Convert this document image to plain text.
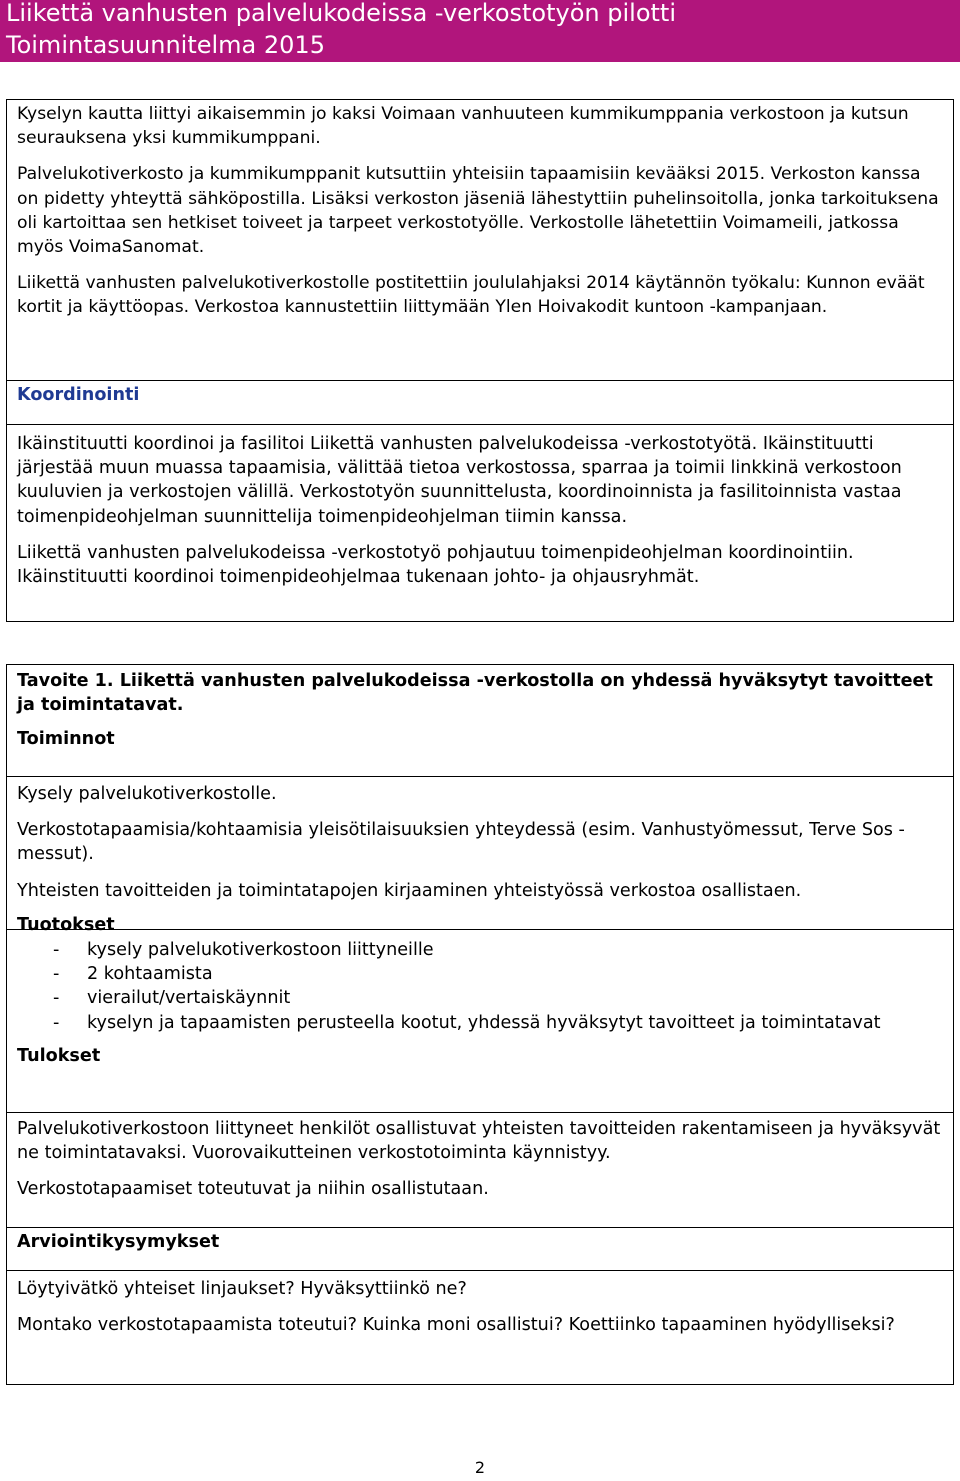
Liikettä vanhusten palvelukodeissa -verkostotyön pilotti
Toimintasuunnitelma 2015

Kyselyn kautta liittyi aikaisemmin jo kaksi Voimaan vanhuuteen kummikumppania verkostoon ja kutsun seurauksena yksi kummikumppani.

Palvelukotiverkosto ja kummikumppanit kutsuttiin yhteisiin tapaamisiin kevääksi 2015. Verkoston kanssa on pidetty yhteyttä sähköpostilla. Lisäksi verkoston jäseniä lähestyttiin puhelinsoitolla, jonka tarkoituksena oli kartoittaa sen hetkiset toiveet ja tarpeet verkostotyölle. Verkostolle lähetettiin Voimameili, jatkossa myös VoimaSanomat.

Liikettä vanhusten palvelukotiverkostolle postitettiin joululahjaksi 2014 käytännön työkalu: Kunnon eväät kortit ja käyttöopas. Verkostoa kannustettiin liittymään Ylen Hoivakodit kuntoon -kampanjaan.

Koordinointi

Ikäinstituutti koordinoi ja fasilitoi Liikettä vanhusten palvelukodeissa -verkostotyötä. Ikäinstituutti järjestää muun muassa tapaamisia, välittää tietoa verkostossa, sparraa ja toimii linkkinä verkostoon kuuluvien ja verkostojen välillä. Verkostotyön suunnittelusta, koordinoinnista ja fasilitoinnista vastaa toimenpideohjelman suunnittelija toimenpideohjelman tiimin kanssa.

Liikettä vanhusten palvelukodeissa -verkostotyö pohjautuu toimenpideohjelman koordinointiin. Ikäinstituutti koordinoi toimenpideohjelmaa tukenaan johto- ja ohjausryhmät.

Tavoite 1. Liikettä vanhusten palvelukodeissa -verkostolla on yhdessä hyväksytyt tavoitteet ja toimintatavat.

Toiminnot

Kysely palvelukotiverkostolle.

Verkostotapaamisia/kohtaamisia yleisötilaisuuksien yhteydessä (esim. Vanhustyömessut, Terve Sos -messut).

Yhteisten tavoitteiden ja toimintatapojen kirjaaminen yhteistyössä verkostoa osallistaen.

Tuotokset

- kysely palvelukotiverkostoon liittyneille
- 2 kohtaamista
- vierailut/vertaiskäynnit
- kyselyn ja tapaamisten perusteella kootut, yhdessä hyväksytyt tavoitteet ja toimintatavat

Tulokset

Palvelukotiverkostoon liittyneet henkilöt osallistuvat yhteisten tavoitteiden rakentamiseen ja hyväksyvät ne toimintatavaksi. Vuorovaikutteinen verkostotoiminta käynnistyy.

Verkostotapaamiset toteutuvat ja niihin osallistutaan.

Arviointikysymykset

Löytyivätkö yhteiset linjaukset? Hyväksyttiinkö ne?

Montako verkostotapaamista toteutui? Kuinka moni osallistui? Koettiinko tapaaminen hyödylliseksi?

2
